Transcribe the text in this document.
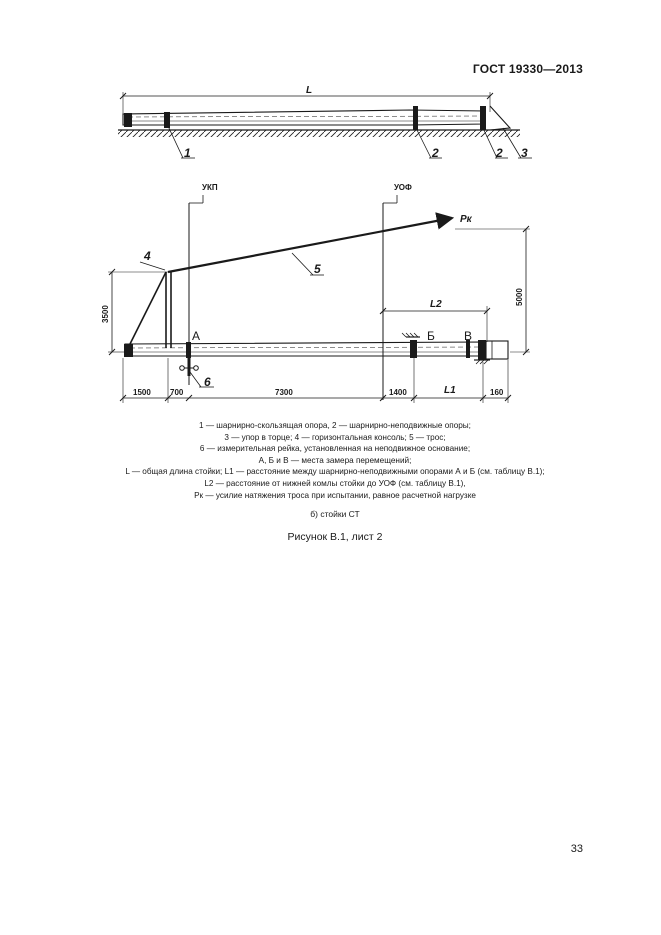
ГОСТ 19330—2013
L
1	2	2 3
УКП	УОФ
Pк
4
5
6
А	Б В
3500
5000
L2
1500 700	7300	1400	L1	160
1 — шарнирно-скользящая опора, 2 — шарнирно-неподвижные опоры;
3 — упор в торце; 4 — горизонтальная консоль; 5 — трос;
6 — измерительная рейка, установленная на неподвижное основание;
А, Б и В — места замера перемещений;
L — общая длина стойки; L1 — расстояние между шарнирно-неподвижными опорами А и Б (см. таблицу В.1);
L2 — расстояние от нижней комлы стойки до УОФ (см. таблицу В.1),
Pк — усилие натяжения троса при испытании, равное расчетной нагрузке
б) стойки СТ
Рисунок В.1, лист 2
33
